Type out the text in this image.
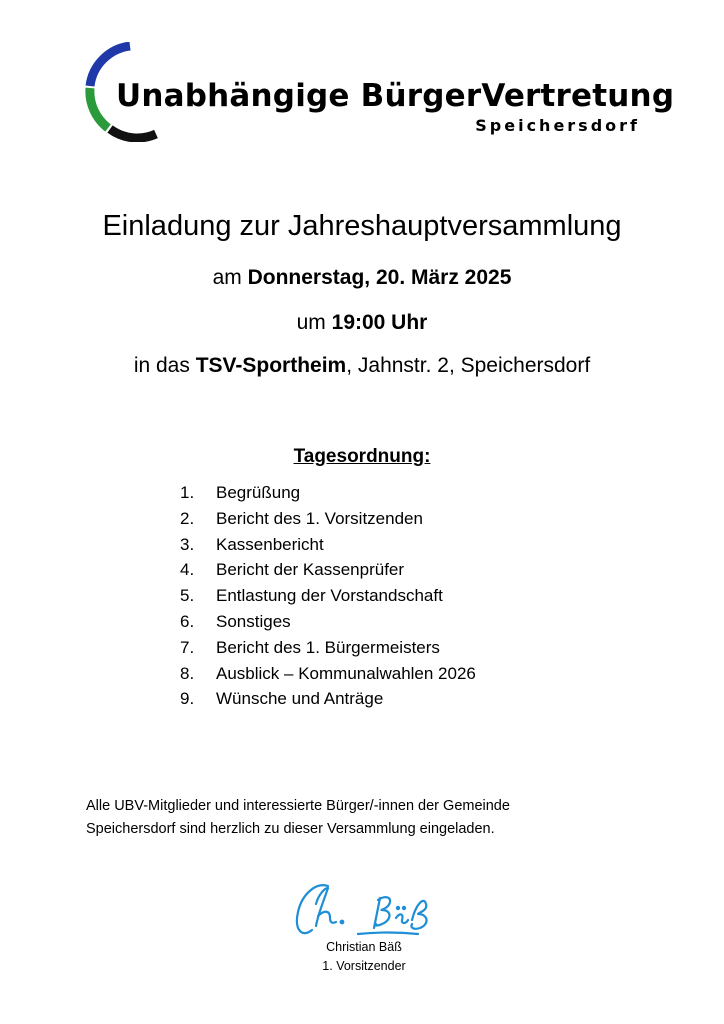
Unabhängige BürgerVertretung
Speichersdorf
Einladung zur Jahreshauptversammlung
am Donnerstag, 20. März 2025
um 19:00 Uhr
in das TSV-Sportheim, Jahnstr. 2, Speichersdorf
Tagesordnung:
1. Begrüßung
2. Bericht des 1. Vorsitzenden
3. Kassenbericht
4. Bericht der Kassenprüfer
5. Entlastung der Vorstandschaft
6. Sonstiges
7. Bericht des 1. Bürgermeisters
8. Ausblick – Kommunalwahlen 2026
9. Wünsche und Anträge
Alle UBV-Mitglieder und interessierte Bürger/-innen der Gemeinde
Speichersdorf sind herzlich zu dieser Versammlung eingeladen.
Christian Bäß
1. Vorsitzender
